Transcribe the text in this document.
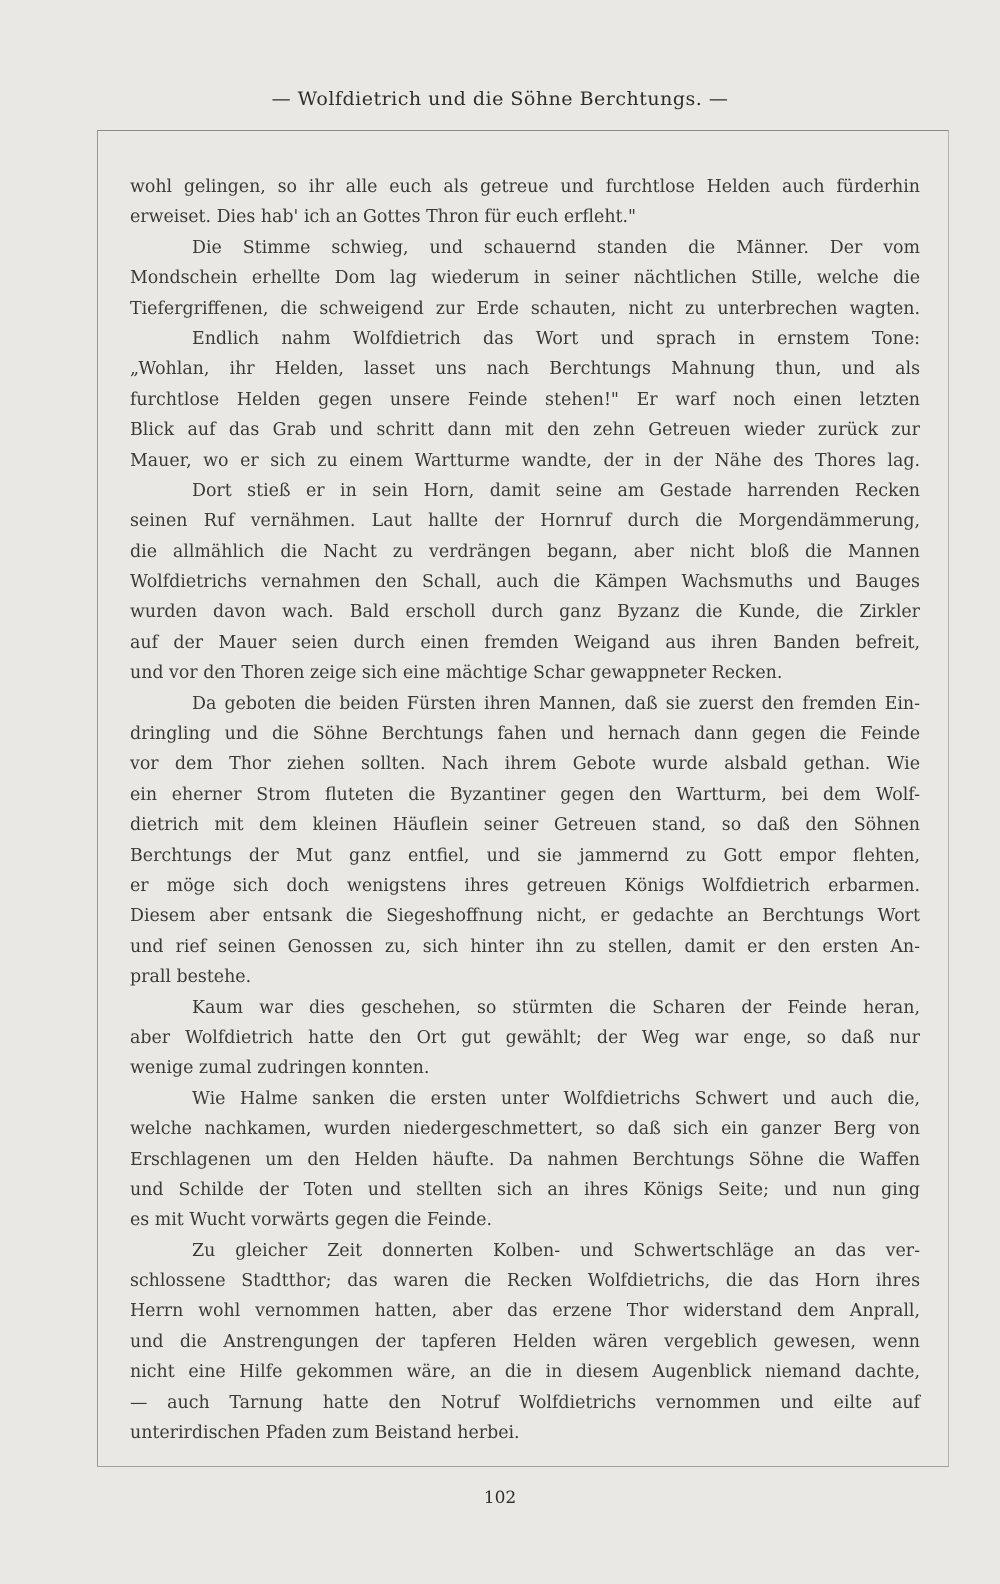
— Wolfdietrich und die Söhne Berchtungs. —
wohl gelingen, so ihr alle euch als getreue und furchtlose Helden auch fürderhin
erweiset. Dies hab' ich an Gottes Thron für euch erfleht."
Die Stimme schwieg, und schauernd standen die Männer. Der vom
Mondschein erhellte Dom lag wiederum in seiner nächtlichen Stille, welche die
Tiefergriffenen, die schweigend zur Erde schauten, nicht zu unterbrechen wagten.
Endlich nahm Wolfdietrich das Wort und sprach in ernstem Tone:
„Wohlan, ihr Helden, lasset uns nach Berchtungs Mahnung thun, und als
furchtlose Helden gegen unsere Feinde stehen!" Er warf noch einen letzten
Blick auf das Grab und schritt dann mit den zehn Getreuen wieder zurück zur
Mauer, wo er sich zu einem Wartturme wandte, der in der Nähe des Thores lag.
Dort stieß er in sein Horn, damit seine am Gestade harrenden Recken
seinen Ruf vernähmen. Laut hallte der Hornruf durch die Morgendämmerung,
die allmählich die Nacht zu verdrängen begann, aber nicht bloß die Mannen
Wolfdietrichs vernahmen den Schall, auch die Kämpen Wachsmuths und Bauges
wurden davon wach. Bald erscholl durch ganz Byzanz die Kunde, die Zirkler
auf der Mauer seien durch einen fremden Weigand aus ihren Banden befreit,
und vor den Thoren zeige sich eine mächtige Schar gewappneter Recken.
Da geboten die beiden Fürsten ihren Mannen, daß sie zuerst den fremden Ein-
dringling und die Söhne Berchtungs fahen und hernach dann gegen die Feinde
vor dem Thor ziehen sollten. Nach ihrem Gebote wurde alsbald gethan. Wie
ein eherner Strom fluteten die Byzantiner gegen den Wartturm, bei dem Wolf-
dietrich mit dem kleinen Häuflein seiner Getreuen stand, so daß den Söhnen
Berchtungs der Mut ganz entfiel, und sie jammernd zu Gott empor flehten,
er möge sich doch wenigstens ihres getreuen Königs Wolfdietrich erbarmen.
Diesem aber entsank die Siegeshoffnung nicht, er gedachte an Berchtungs Wort
und rief seinen Genossen zu, sich hinter ihn zu stellen, damit er den ersten An-
prall bestehe.
Kaum war dies geschehen, so stürmten die Scharen der Feinde heran,
aber Wolfdietrich hatte den Ort gut gewählt; der Weg war enge, so daß nur
wenige zumal zudringen konnten.
Wie Halme sanken die ersten unter Wolfdietrichs Schwert und auch die,
welche nachkamen, wurden niedergeschmettert, so daß sich ein ganzer Berg von
Erschlagenen um den Helden häufte. Da nahmen Berchtungs Söhne die Waffen
und Schilde der Toten und stellten sich an ihres Königs Seite; und nun ging
es mit Wucht vorwärts gegen die Feinde.
Zu gleicher Zeit donnerten Kolben- und Schwertschläge an das ver-
schlossene Stadtthor; das waren die Recken Wolfdietrichs, die das Horn ihres
Herrn wohl vernommen hatten, aber das erzene Thor widerstand dem Anprall,
und die Anstrengungen der tapferen Helden wären vergeblich gewesen, wenn
nicht eine Hilfe gekommen wäre, an die in diesem Augenblick niemand dachte,
— auch Tarnung hatte den Notruf Wolfdietrichs vernommen und eilte auf
unterirdischen Pfaden zum Beistand herbei.
102
